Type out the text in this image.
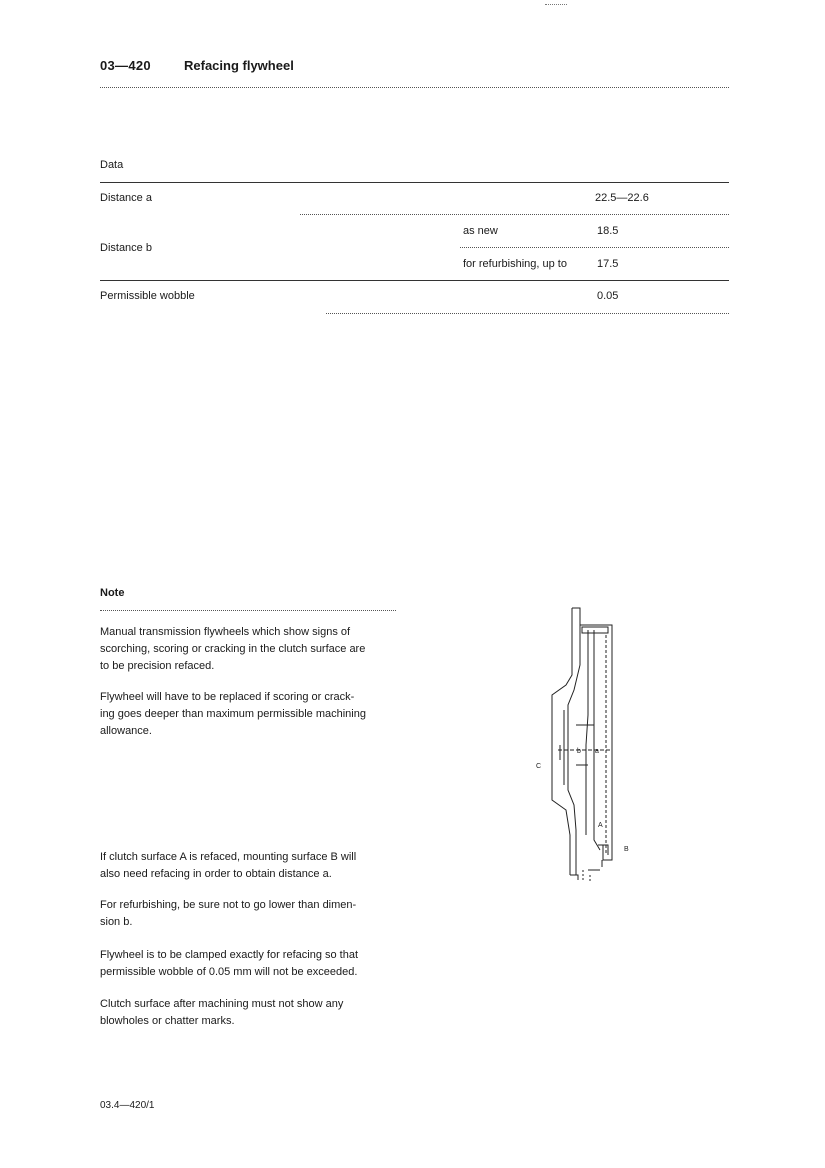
03—420	Refacing flywheel
Data
Distance a	22.5—22.6
Distance b
as new	18.5
for refurbishing, up to	17.5
Permissible wobble	0.05
Note
Manual transmission flywheels which show signs of
scorching, scoring or cracking in the clutch surface are
to be precision refaced.
Flywheel will have to be replaced if scoring or crack-
ing goes deeper than maximum permissible machining
allowance.
If clutch surface A is refaced, mounting surface B will
also need refacing in order to obtain distance a.
For refurbishing, be sure not to go lower than dimen-
sion b.
Flywheel is to be clamped exactly for refacing so that
permissible wobble of 0.05 mm will not be exceeded.
Clutch surface after machining must not show any
blowholes or chatter marks.
C
b a
A
B
03.4—420/1
